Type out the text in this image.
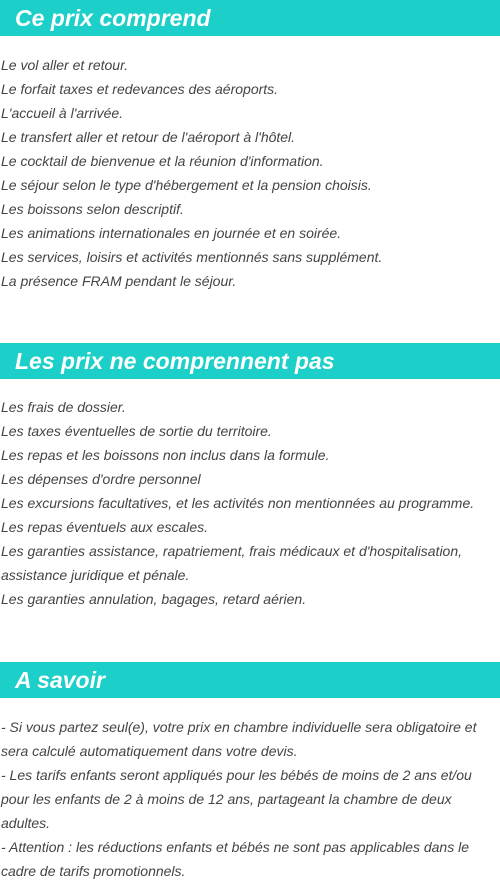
Ce prix comprend
Le vol aller et retour.
Le forfait taxes et redevances des aéroports.
L'accueil à l'arrivée.
Le transfert aller et retour de l'aéroport à l'hôtel.
Le cocktail de bienvenue et la réunion d'information.
Le séjour selon le type d'hébergement et la pension choisis.
Les boissons selon descriptif.
Les animations internationales en journée et en soirée.
Les services, loisirs et activités mentionnés sans supplément.
La présence FRAM pendant le séjour.
Les prix ne comprennent pas
Les frais de dossier.
Les taxes éventuelles de sortie du territoire.
Les repas et les boissons non inclus dans la formule.
Les dépenses d'ordre personnel
Les excursions facultatives, et les activités non mentionnées au programme.
Les repas éventuels aux escales.
Les garanties assistance, rapatriement, frais médicaux et d'hospitalisation, assistance juridique et pénale.
Les garanties annulation, bagages, retard aérien.
A savoir
- Si vous partez seul(e), votre prix en chambre individuelle sera obligatoire et sera calculé automatiquement dans votre devis.
- Les tarifs enfants seront appliqués pour les bébés de moins de 2 ans et/ou pour les enfants de 2 à moins de 12 ans, partageant la chambre de deux adultes.
- Attention : les réductions enfants et bébés ne sont pas applicables dans le cadre de tarifs promotionnels.
